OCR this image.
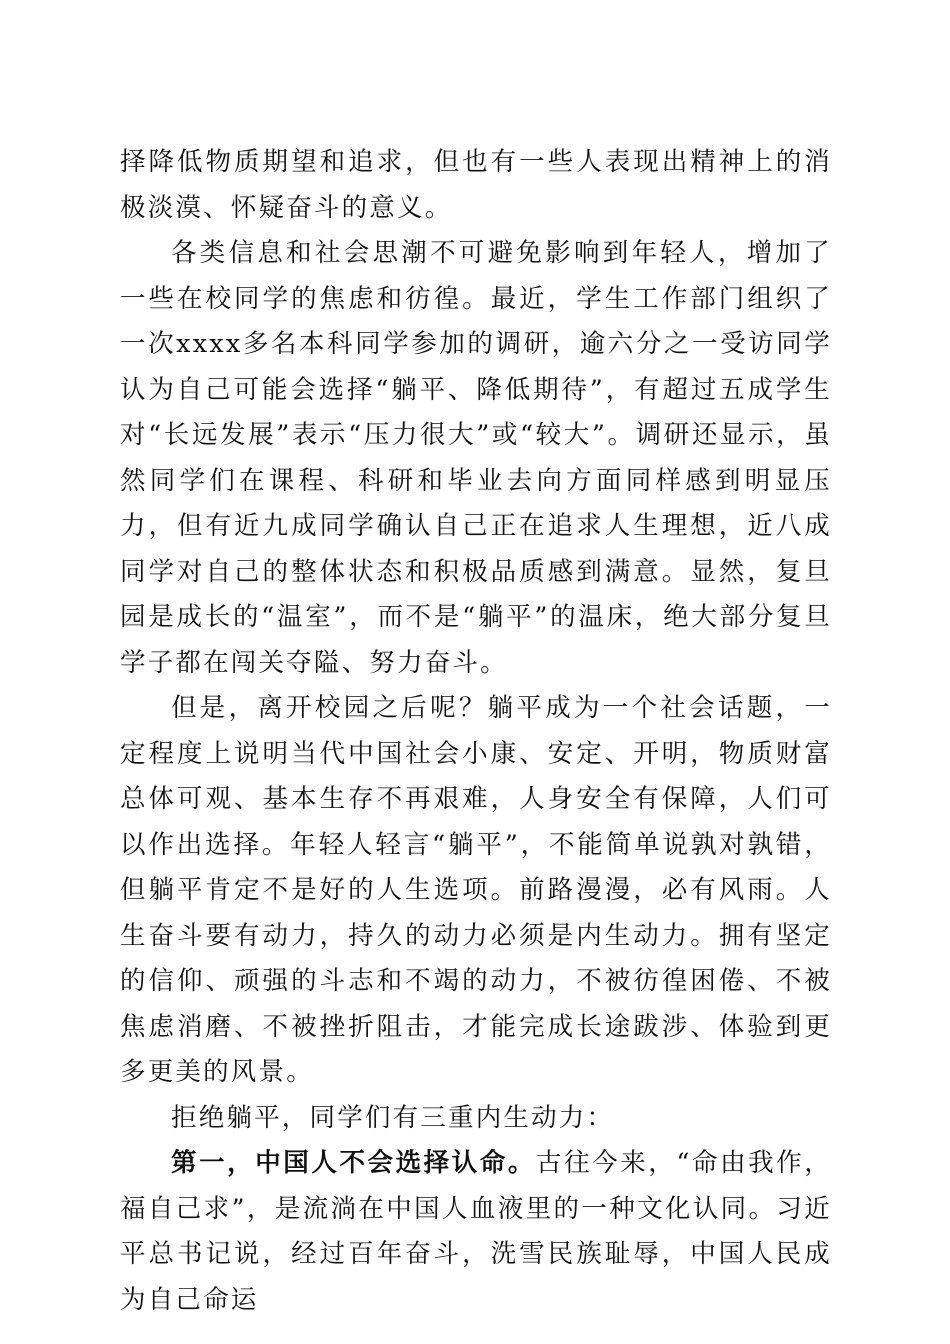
择降低物质期望和追求，但也有一些人表现出精神上的消极淡漠、怀疑奋斗的意义。

各类信息和社会思潮不可避免影响到年轻人，增加了一些在校同学的焦虑和彷徨。最近，学生工作部门组织了一次xxxx多名本科同学参加的调研，逾六分之一受访同学认为自己可能会选择“躺平、降低期待”，有超过五成学生对“长远发展”表示“压力很大”或“较大”。调研还显示，虽然同学们在课程、科研和毕业去向方面同样感到明显压力，但有近九成同学确认自己正在追求人生理想，近八成同学对自己的整体状态和积极品质感到满意。显然，复旦园是成长的“温室”，而不是“躺平”的温床，绝大部分复旦学子都在闯关夺隘、努力奋斗。

但是，离开校园之后呢？躺平成为一个社会话题，一定程度上说明当代中国社会小康、安定、开明，物质财富总体可观、基本生存不再艰难，人身安全有保障，人们可以作出选择。年轻人轻言“躺平”，不能简单说孰对孰错，但躺平肯定不是好的人生选项。前路漫漫，必有风雨。人生奋斗要有动力，持久的动力必须是内生动力。拥有坚定的信仰、顽强的斗志和不竭的动力，不被彷徨困倦、不被焦虑消磨、不被挫折阻击，才能完成长途跋涉、体验到更多更美的风景。

拒绝躺平，同学们有三重内生动力：

第一，中国人不会选择认命。古往今来，“命由我作，福自己求”，是流淌在中国人血液里的一种文化认同。习近平总书记说，经过百年奋斗，洗雪民族耻辱，中国人民成为自己命运
